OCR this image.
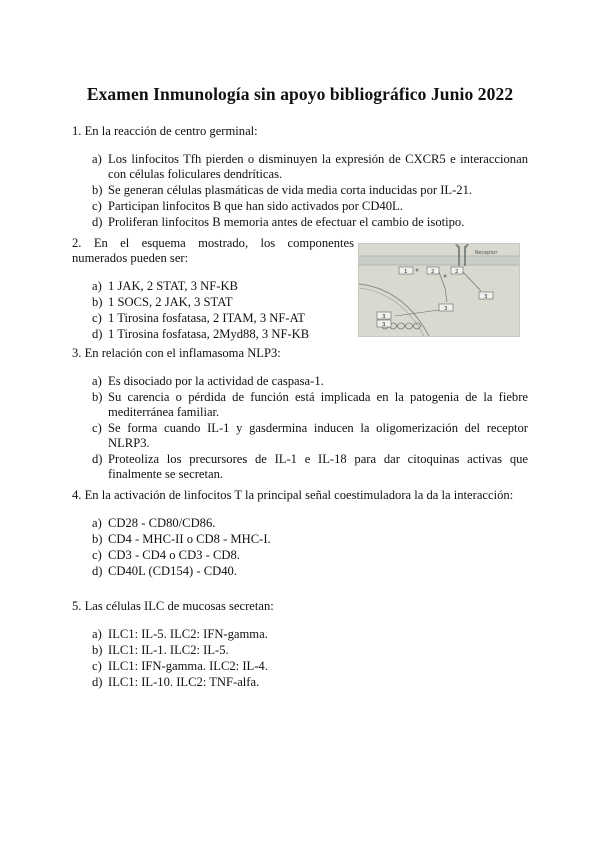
Examen Inmunología sin apoyo bibliográfico Junio 2022

1. En la reacción de centro germinal:

a) Los linfocitos Tfh pierden o disminuyen la expresión de CXCR5 e interaccionan con células foliculares dendríticas.
b) Se generan células plasmáticas de vida media corta inducidas por IL-21.
c) Participan linfocitos B que han sido activados por CD40L.
d) Proliferan linfocitos B memoria antes de efectuar el cambio de isotipo.

2. En el esquema mostrado, los componentes numerados pueden ser:

a) 1 JAK, 2 STAT, 3 NF-KB
b) 1 SOCS, 2 JAK, 3 STAT
c) 1 Tirosina fosfatasa, 2 ITAM, 3 NF-AT
d) 1 Tirosina fosfatasa, 2Myd88, 3 NF-KB
Receptor
1	2	2
3
3
3
3

3. En relación con el inflamasoma NLP3:

a) Es disociado por la actividad de caspasa-1.
b) Su carencia o pérdida de función está implicada en la patogenia de la fiebre mediterránea familiar.
c) Se forma cuando IL-1 y gasdermina inducen la oligomerización del receptor NLRP3.
d) Proteoliza los precursores de IL-1 e IL-18 para dar citoquinas activas que finalmente se secretan.

4. En la activación de linfocitos T la principal señal coestimuladora la da la interacción:

a) CD28 - CD80/CD86.
b) CD4 - MHC-II o CD8 - MHC-I.
c) CD3 - CD4 o CD3 - CD8.
d) CD40L (CD154) - CD40.

5. Las células ILC de mucosas secretan:

a) ILC1: IL-5. ILC2: IFN-gamma.
b) ILC1: IL-1. ILC2: IL-5.
c) ILC1: IFN-gamma. ILC2: IL-4.
d) ILC1: IL-10. ILC2: TNF-alfa.
